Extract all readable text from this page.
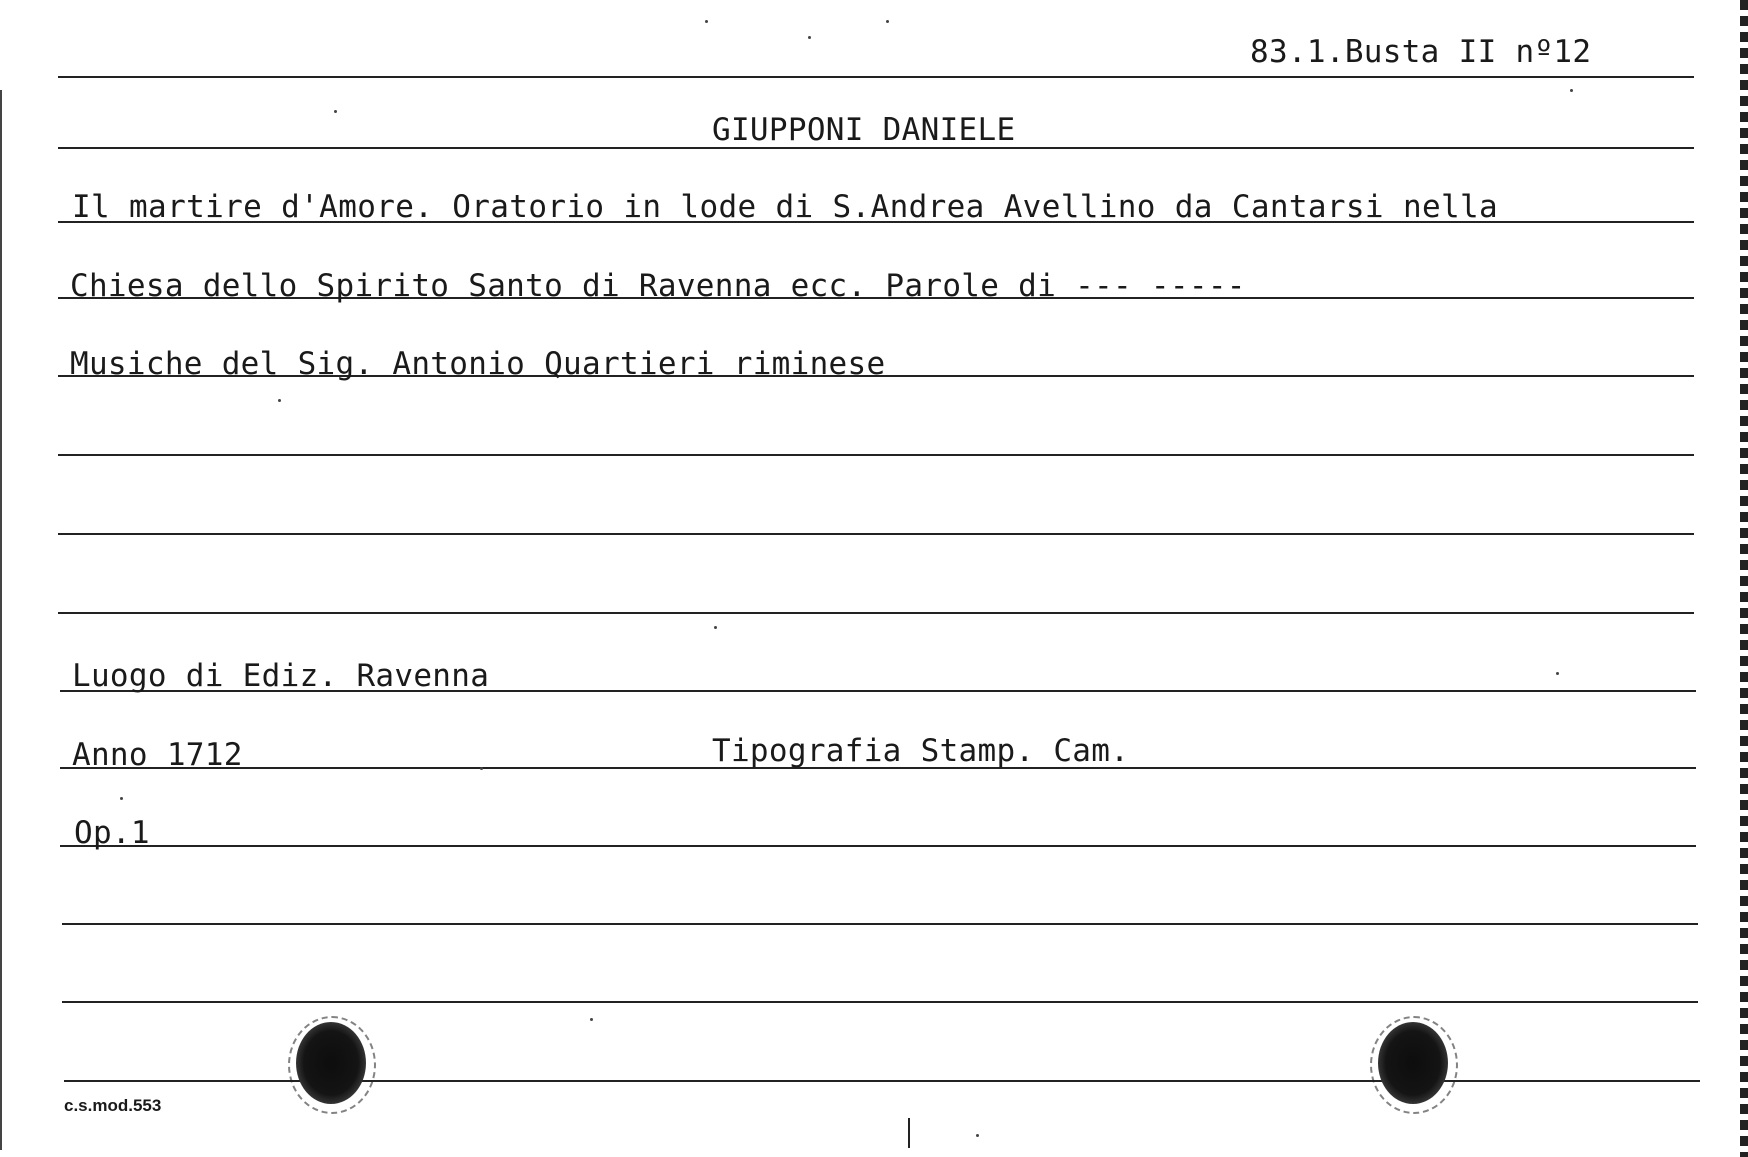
83.1.Busta II nº12
GIUPPONI DANIELE
Il martire d'Amore. Oratorio in lode di S.Andrea Avellino da Cantarsi nella
Chiesa dello Spirito Santo di Ravenna ecc. Parole di --- -----
Musiche del Sig. Antonio Quartieri riminese
Luogo di Ediz. Ravenna
Anno 1712	Tipografia Stamp. Cam.
Op.1
c.s.mod.553
